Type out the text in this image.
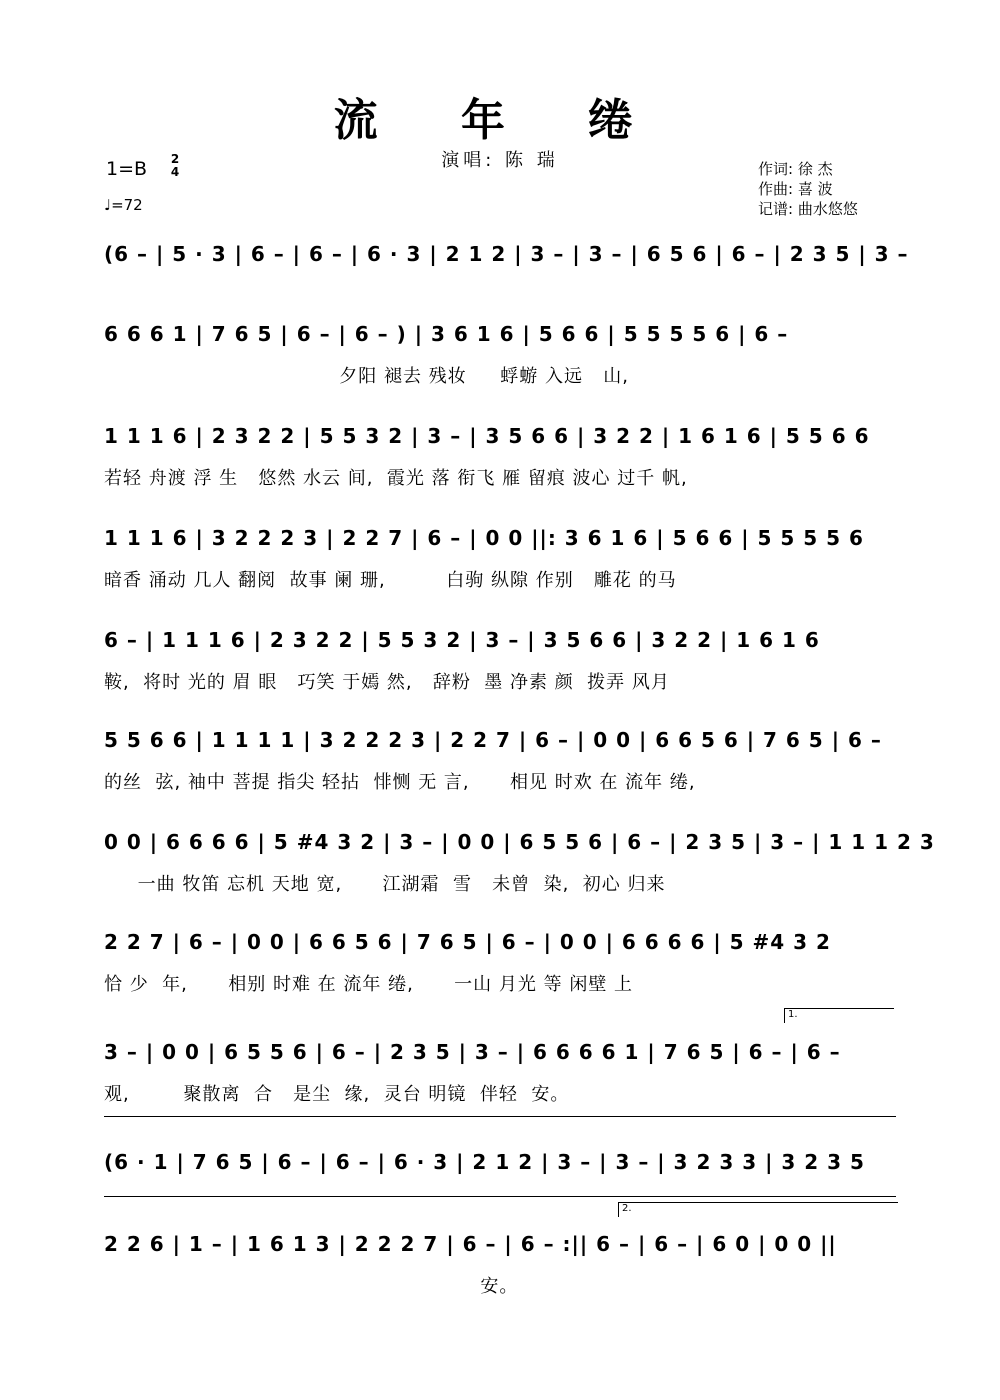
流 年 绻
演唱: 陈 瑞
1=B 2
4
♩=72
作词: 徐 杰
作曲: 喜 波
记谱: 曲水悠悠
(6 – | 5 · 3 | 6 – | 6 – | 6 · 3 | 2 1 2 | 3 – | 3 – | 6 5 6 | 6 – | 2 3 5 | 3 –
6 6 6 1 | 7 6 5 | 6 – | 6 – ) | 3 6 1 6 | 5 6 6 | 5 5 5 5 6 | 6 –
夕阳 褪去 残妆     蜉蝣 入远   山,
1 1 1 6 | 2 3 2 2 | 5 5 3 2 | 3 – | 3 5 6 6 | 3 2 2 | 1 6 1 6 | 5 5 6 6
若轻 舟渡 浮 生   悠然 水云 间,  霞光 落 衔飞 雁 留痕 波心 过千 帆,
1 1 1 6 | 3 2 2 2 3 | 2 2 7 | 6 – | 0 0 ||: 3 6 1 6 | 5 6 6 | 5 5 5 5 6
暗香 涌动 几人 翻阅  故事 阑 珊,         白驹 纵隙 作别   雕花 的马
6 – | 1 1 1 6 | 2 3 2 2 | 5 5 3 2 | 3 – | 3 5 6 6 | 3 2 2 | 1 6 1 6
鞍,  将时 光的 眉 眼   巧笑 于嫣 然,   辞粉  墨 净素 颜  拨弄 风月
5 5 6 6 | 1 1 1 1 | 3 2 2 2 3 | 2 2 7 | 6 – | 0 0 | 6 6 5 6 | 7 6 5 | 6 –
的丝  弦, 袖中 菩提 指尖 轻拈  悱恻 无 言,      相见 时欢 在 流年 绻,
0 0 | 6 6 6 6 | 5 #4 3 2 | 3 – | 0 0 | 6 5 5 6 | 6 – | 2 3 5 | 3 – | 1 1 1 2 3
一曲 牧笛 忘机 天地 宽,      江湖霜  雪   未曾  染,  初心 归来
2 2 7 | 6 – | 0 0 | 6 6 5 6 | 7 6 5 | 6 – | 0 0 | 6 6 6 6 | 5 #4 3 2
恰 少  年,      相别 时难 在 流年 绻,      一山 月光 等 闲壁 上
1.
3 – | 0 0 | 6 5 5 6 | 6 – | 2 3 5 | 3 – | 6 6 6 6 1 | 7 6 5 | 6 – | 6 –
观,        聚散离  合   是尘  缘,  灵台 明镜  伴轻  安。
(6 · 1 | 7 6 5 | 6 – | 6 – | 6 · 3 | 2 1 2 | 3 – | 3 – | 3 2 3 3 | 3 2 3 5
2.
2 2 6 | 1 – | 1 6 1 3 | 2 2 2 7 | 6 – | 6 – :|| 6 – | 6 – | 6 0 | 0 0 ||
安。
